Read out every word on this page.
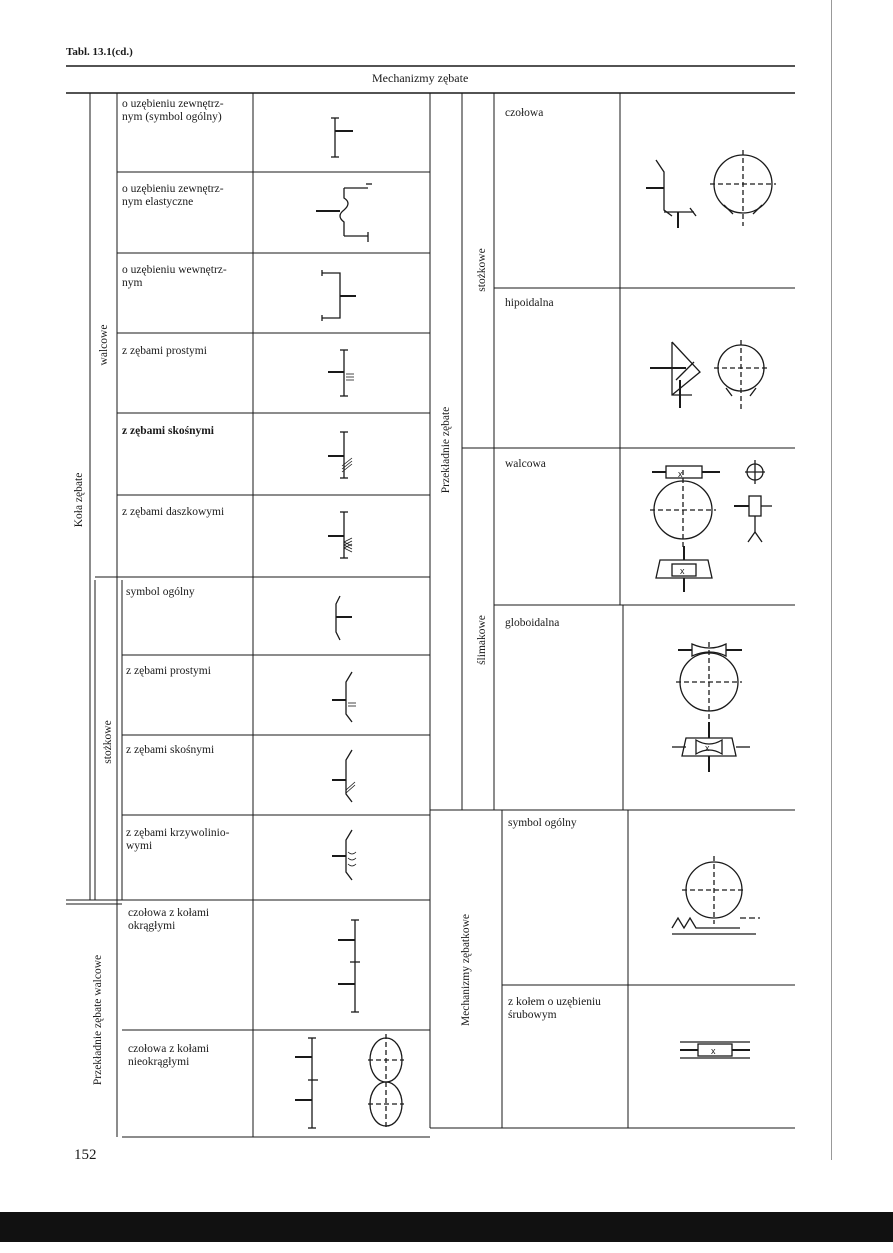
Tabl. 13.1(cd.)
Mechanizmy zębate
Koła zębate
Przekładnie zębate walcowe
walcowe
stożkowe
o uzębieniu zewnętrz-
nym (symbol ogólny)
o uzębieniu zewnętrz-
nym elastyczne
o uzębieniu wewnętrz-
nym
z zębami prostymi
z zębami skośnymi
z zębami daszkowymi
symbol ogólny
z zębami prostymi
z zębami skośnymi
z zębami krzywolinio-
wymi
czołowa z kołami
okrągłymi
czołowa z kołami
nieokrągłymi
Przekładnie zębate
stożkowe
ślimakowe
Mechanizmy zębatkowe
czołowa
hipoidalna
walcowa
globoidalna
symbol ogólny
z kołem o uzębieniu
śrubowym
x
x
x
x
152
